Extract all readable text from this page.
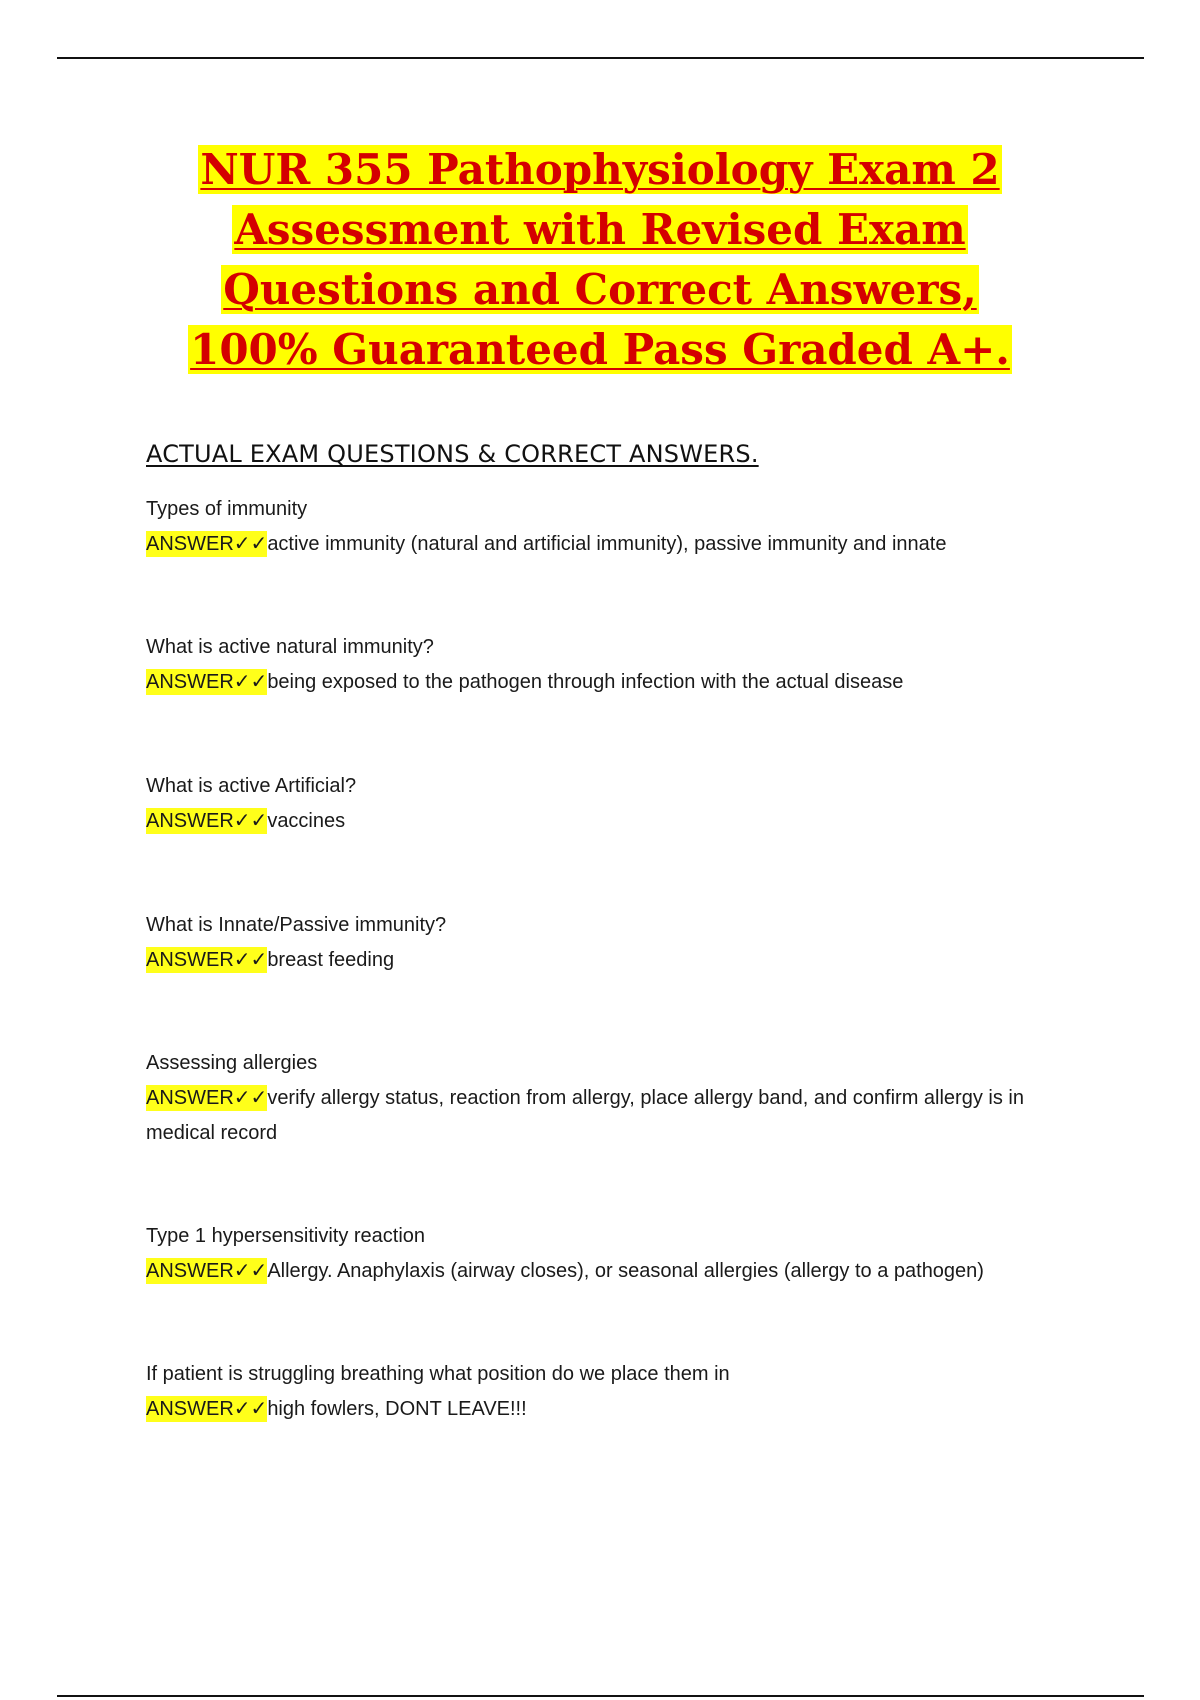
NUR 355 Pathophysiology Exam 2
Assessment with Revised Exam
Questions and Correct Answers,
100% Guaranteed Pass Graded A+.
ACTUAL EXAM QUESTIONS & CORRECT ANSWERS.
Types of immunity
ANSWER✓✓active immunity (natural and artificial immunity), passive immunity and innate
What is active natural immunity?
ANSWER✓✓being exposed to the pathogen through infection with the actual disease
What is active Artificial?
ANSWER✓✓vaccines
What is Innate/Passive immunity?
ANSWER✓✓breast feeding
Assessing allergies
ANSWER✓✓verify allergy status, reaction from allergy, place allergy band, and confirm allergy is in medical record
Type 1 hypersensitivity reaction
ANSWER✓✓Allergy. Anaphylaxis (airway closes), or seasonal allergies (allergy to a pathogen)
If patient is struggling breathing what position do we place them in
ANSWER✓✓high fowlers, DONT LEAVE!!!
